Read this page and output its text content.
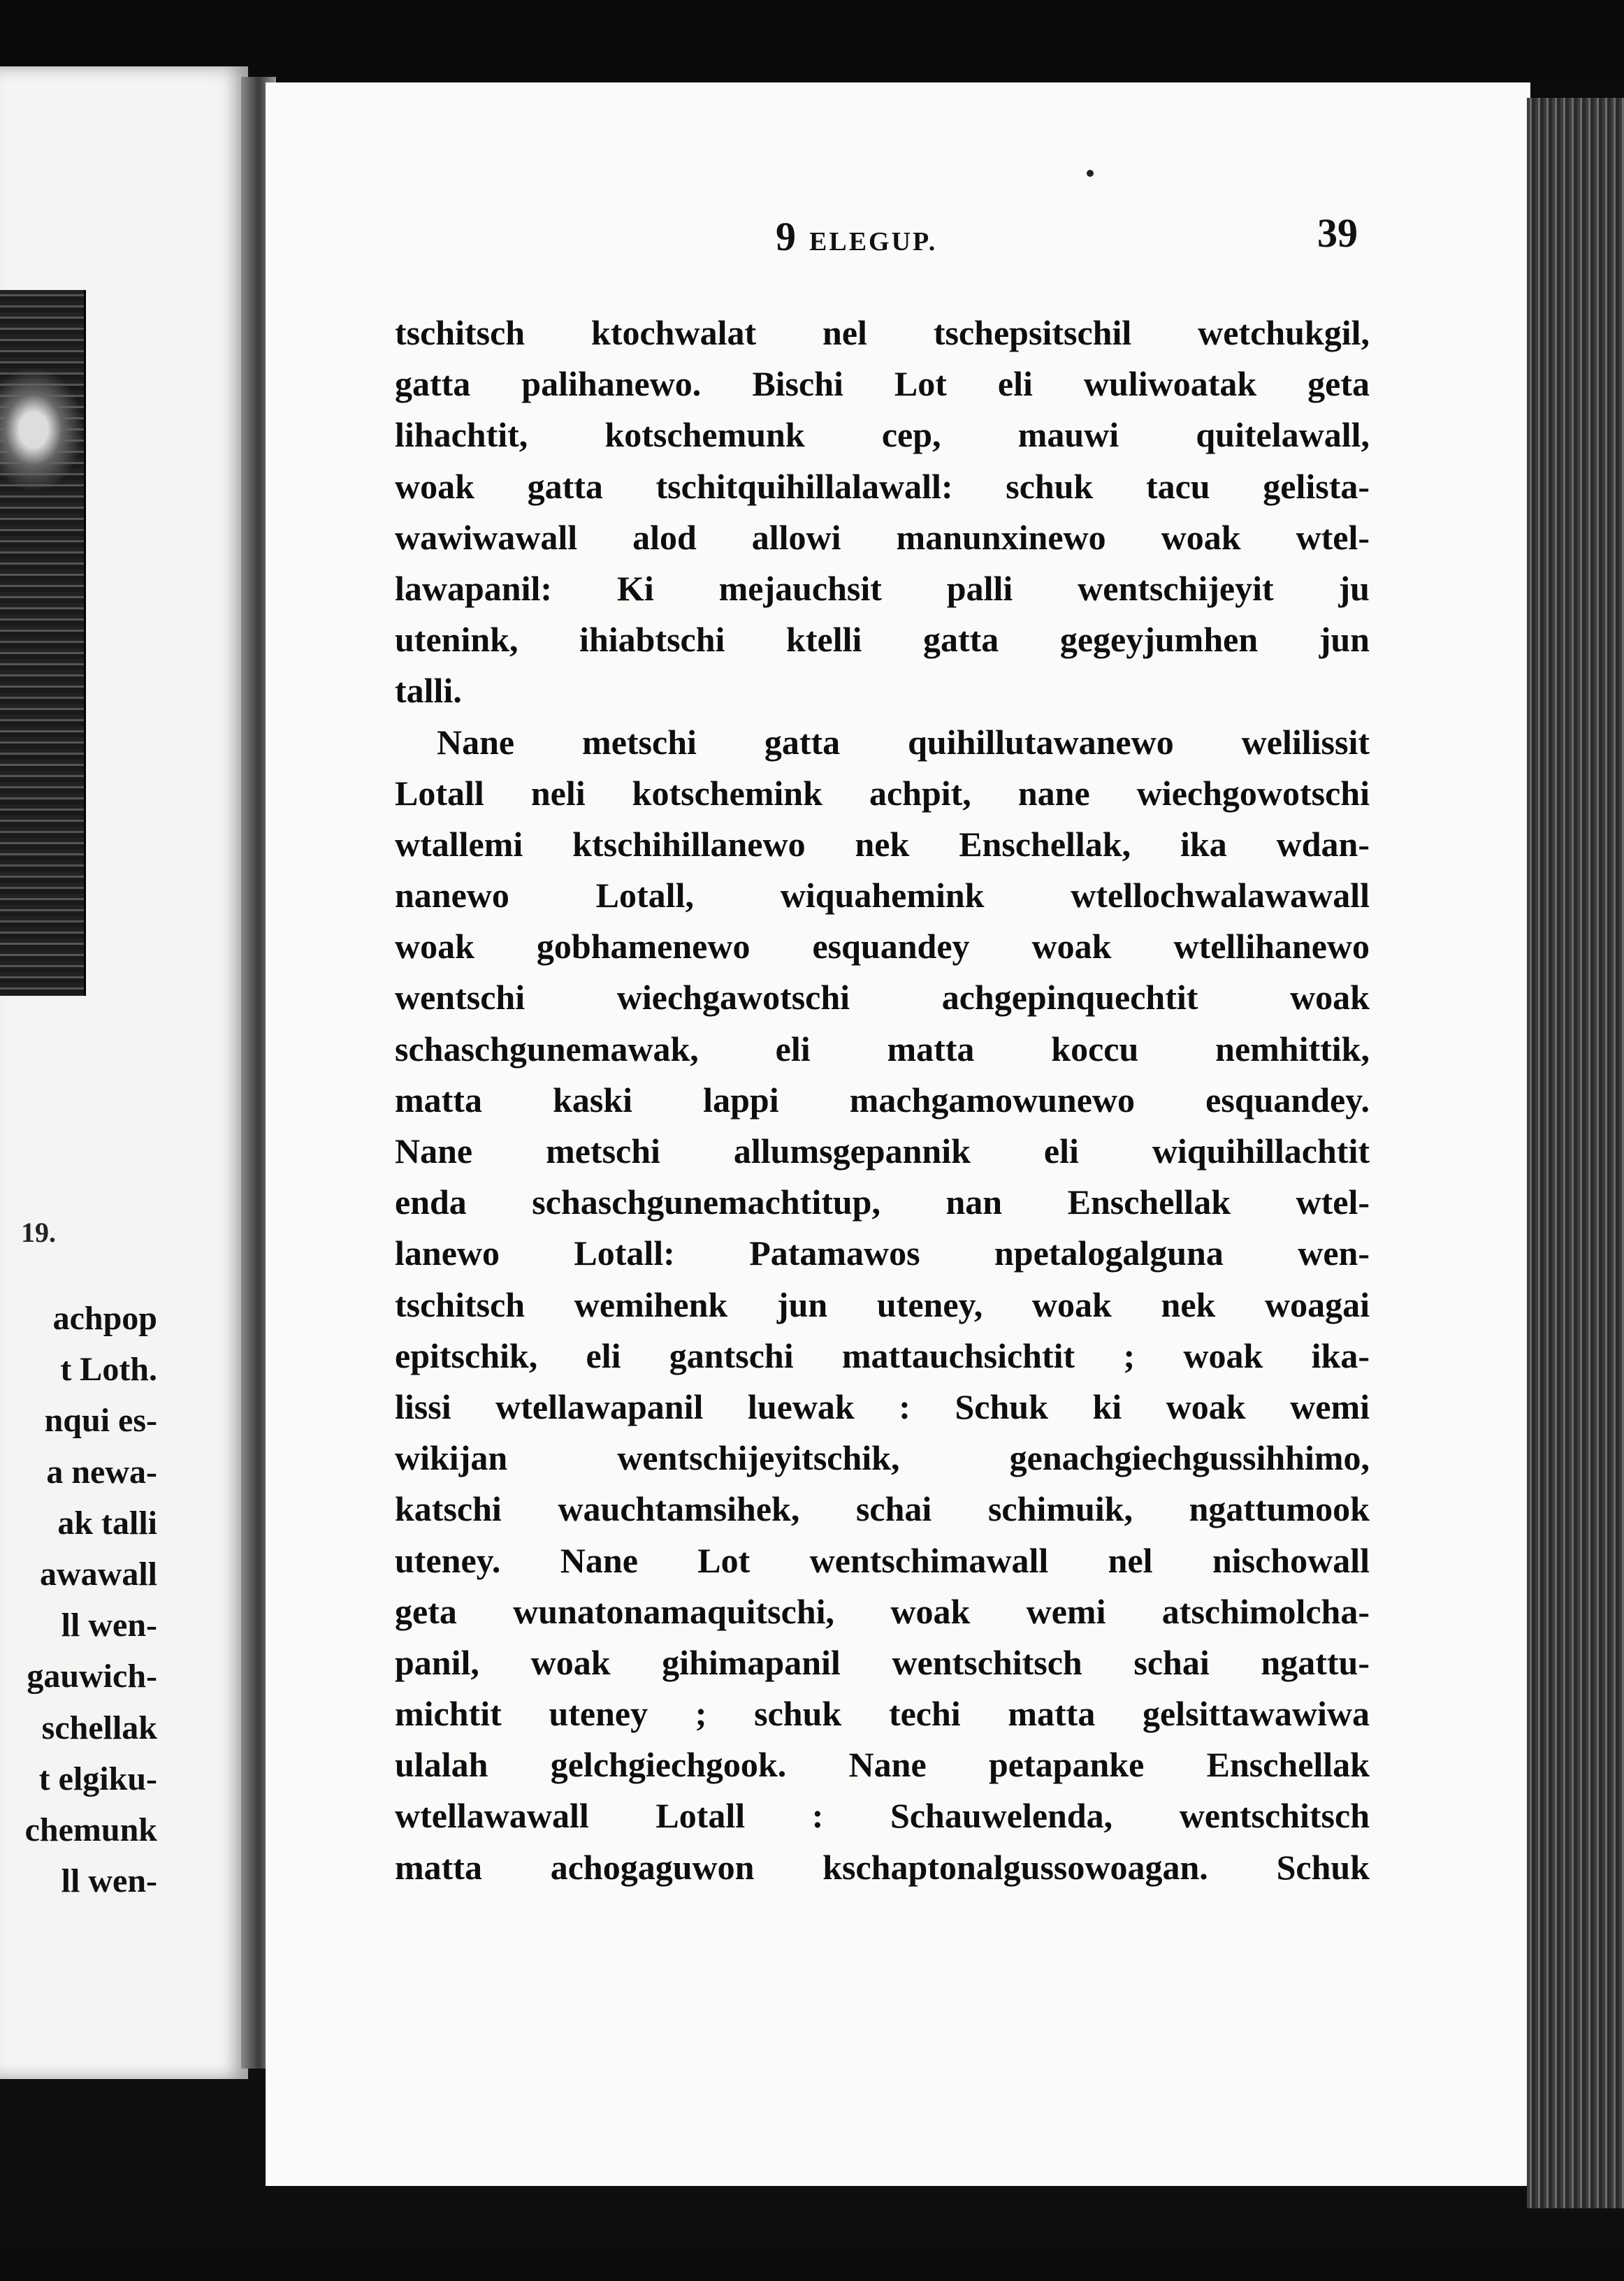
19.
achpop
t Loth.
nqui es-
a newa-
ak talli
awawall
ll wen-
gauwich-
schellak
t elgiku-
chemunk
ll wen-
9 ELEGUP.	39
tschitsch ktochwalat nel tschepsitschil wetchukgil,
gatta palihanewo. Bischi Lot eli wuliwoatak geta
lihachtit, kotschemunk cep, mauwi quitelawall,
woak gatta tschitquihillalawall: schuk tacu gelista-
wawiwawall alod allowi manunxinewo woak wtel-
lawapanil: Ki mejauchsit palli wentschijeyit ju
utenink, ihiabtschi ktelli gatta gegeyjumhen jun
talli.
Nane metschi gatta quihillutawanewo welilissit
Lotall neli kotschemink achpit, nane wiechgowotschi
wtallemi ktschihillanewo nek Enschellak, ika wdan-
nanewo Lotall, wiquahemink wtellochwalawawall
woak gobhamenewo esquandey woak wtellihanewo
wentschi wiechgawotschi achgepinquechtit woak
schaschgunemawak, eli matta koccu nemhittik,
matta kaski lappi machgamowunewo esquandey.
Nane metschi allumsgepannik eli wiquihillachtit
enda schaschgunemachtitup, nan Enschellak wtel-
lanewo Lotall: Patamawos npetalogalguna wen-
tschitsch wemihenk jun uteney, woak nek woagai
epitschik, eli gantschi mattauchsichtit ; woak ika-
lissi wtellawapanil luewak : Schuk ki woak wemi
wikijan wentschijeyitschik, genachgiechgussihhimo,
katschi wauchtamsihek, schai schimuik, ngattumook
uteney. Nane Lot wentschimawall nel nischowall
geta wunatonamaquitschi, woak wemi atschimolcha-
panil, woak gihimapanil wentschitsch schai ngattu-
michtit uteney ; schuk techi matta gelsittawawiwa
ulalah gelchgiechgook. Nane petapanke Enschellak
wtellawawall Lotall : Schauwelenda, wentschitsch
matta achogaguwon kschaptonalgussowoagan. Schuk
